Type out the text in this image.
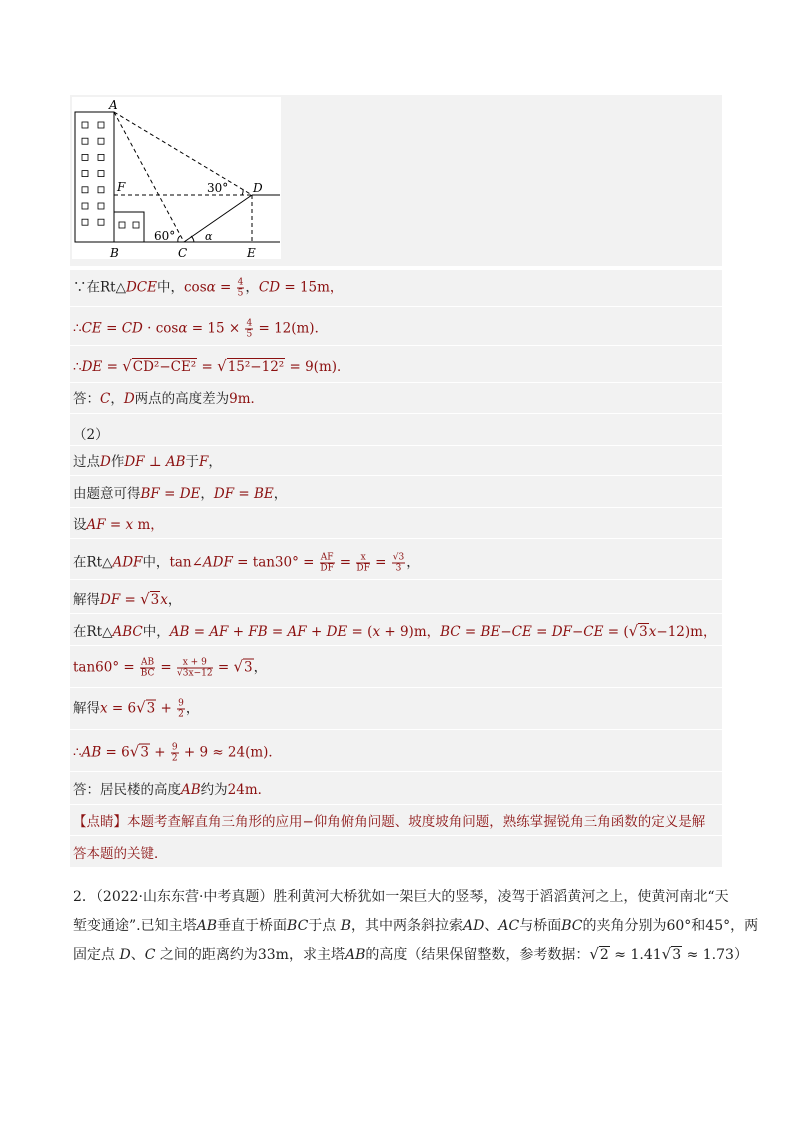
A
B	C
D
E
F
α
60°
30°
∵在Rt△DCE中，$\cos\alpha = \frac{4}{5}$ ，CD = 15m，
∴CE = CD · $\cos\alpha = 15 \times \frac{4}{5} = 12(m)$．
∴DE = √CD²−CE² = √15²−12² = 9(m)．
答：C，D两点的高度差为9m．
（2）
过点D作DF ⊥ AB于F，
由题意可得BF = DE，DF = BE，
设AF = x m，
在Rt△ADF中，tan∠ADF = $\tan 30^\circ = \frac{AF}{DF} = \frac{x}{DF} = \frac{√3}{3}$ ，
解得DF = √3x，
在Rt△ABC中，AB = AF + FB = AF + DE = (x + 9)m，BC = BE−CE = DF−CE = (√3x−12)m，
$\tan 60^\circ = \frac{AB}{BC} = \frac{x + 9}{√3x-12} = √3$，
解得$x = 6√3 + \frac{9}{2}$ ，
∴AB = $6√3 + \frac{9}{2} + 9 \approx 24(m)$．
答：居民楼的高度AB约为24m．
【点睛】本题考查解直角三角形的应用−仰角俯角问题、坡度坡角问题，熟练掌握锐角三角函数的定义是解
答本题的关键．
2．（2022·山东东营·中考真题）胜利黄河大桥犹如一架巨大的竖琴，凌驾于滔滔黄河之上，使黄河南北“天
堑变通途”.已知主塔AB垂直于桥面BC于点 B，其中两条斜拉索AD、AC与桥面BC的夹角分别为60°和45°，两
固定点 D、C 之间的距离约为33m，求主塔AB的高度（结果保留整数，参考数据：√2 ≈ 1.41√3 ≈ 1.73）
